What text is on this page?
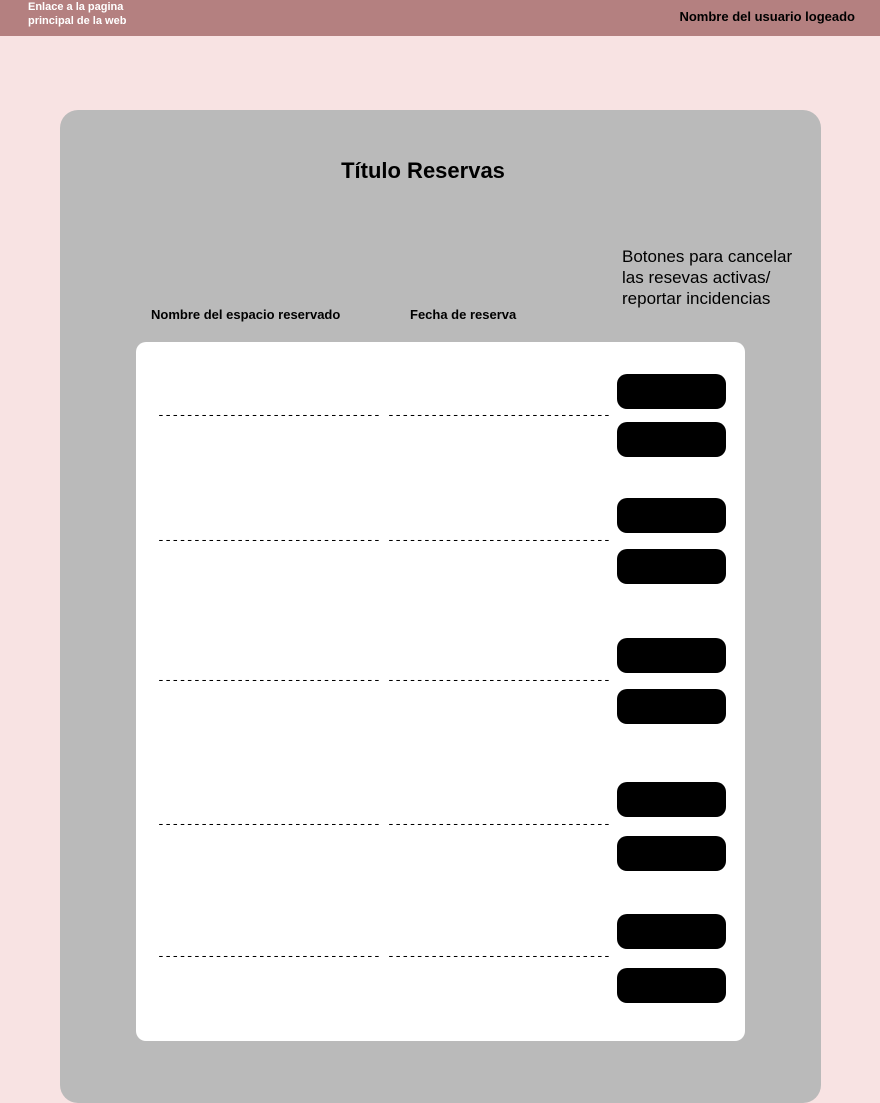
Enlace a la pagina principal de la web	Nombre del usuario logeado
Título Reservas
Botones para cancelar las resevas activas/ reportar incidencias
Nombre del espacio reservado	Fecha de reserva
------------------------------- -------------------------------
------------------------------- -------------------------------
------------------------------- -------------------------------
------------------------------- -------------------------------
------------------------------- -------------------------------
